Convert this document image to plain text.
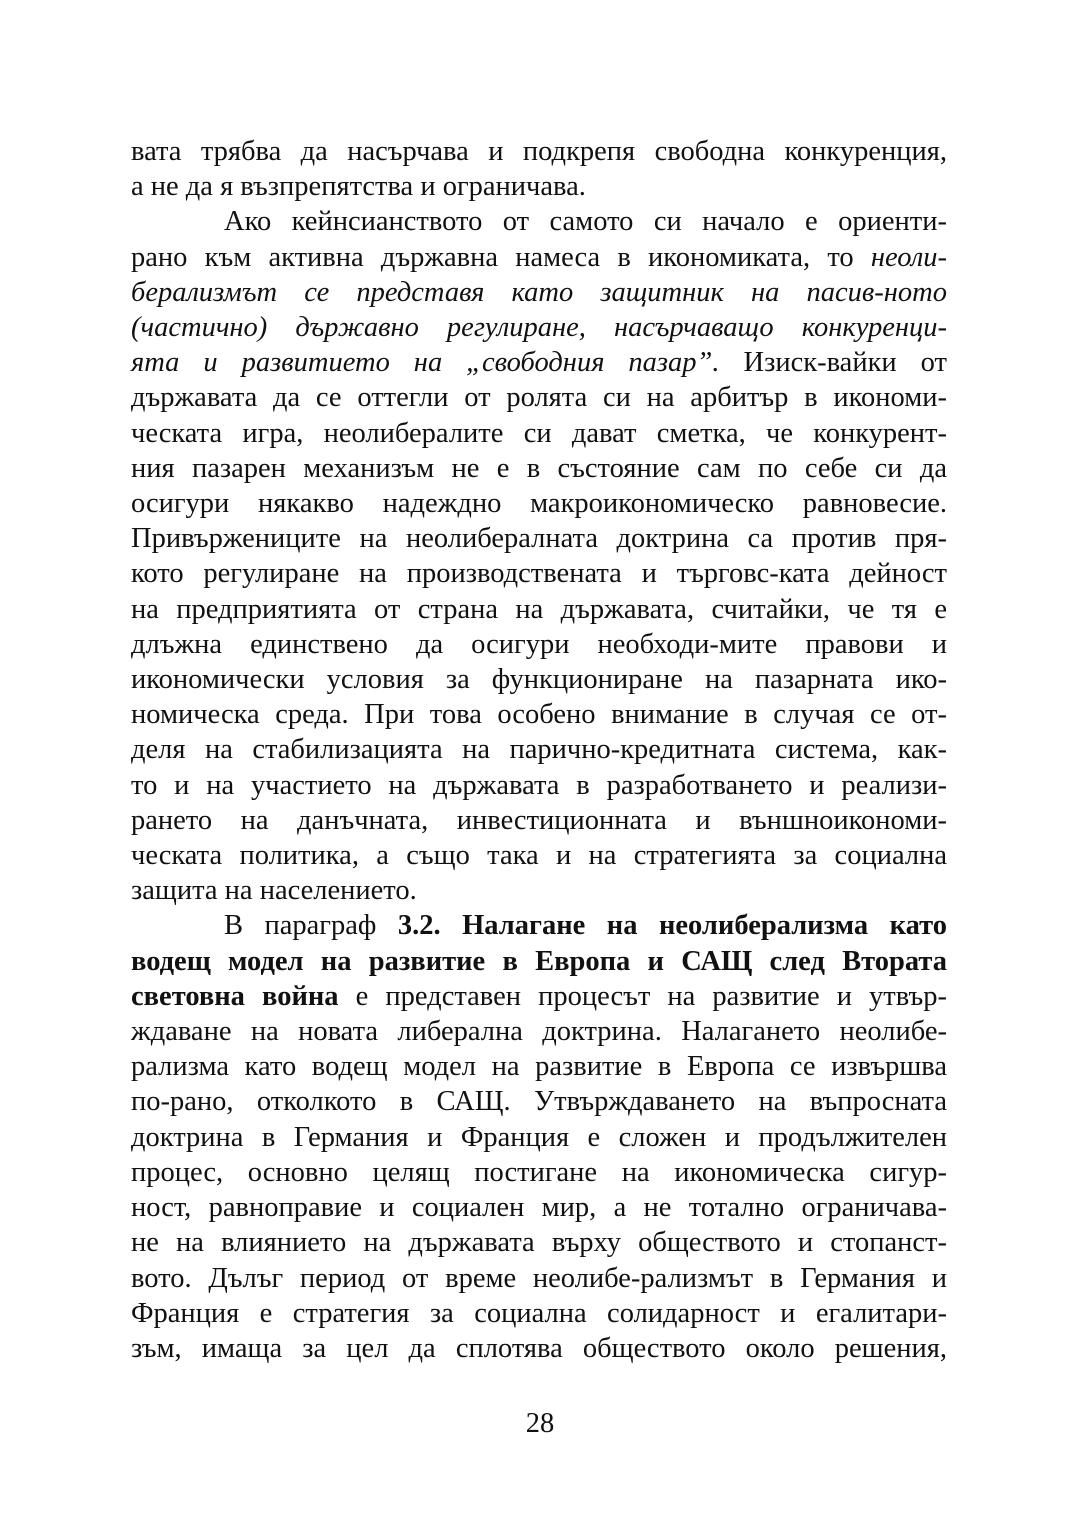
вата трябва да насърчава и подкрепя свободна конкуренция,
а не да я възпрепятства и ограничава.
Ако кейнсианството от самото си начало е ориенти-
рано към активна държавна намеса в икономиката, то неоли-
берализмът се представя като защитник на пасив-ното
(частично) държавно регулиране, насърчаващо конкуренци-
ята и развитието на „свободния пазар”. Изиск-вайки от
държавата да се оттегли от ролята си на арбитър в икономи-
ческата игра, неолибералите си дават сметка, че конкурент-
ния пазарен механизъм не е в състояние сам по себе си да
осигури някакво надеждно макроикономическо равновесие.
Привържениците на неолибералната доктрина са против пря-
кото регулиране на производствената и търговс-ката дейност
на предприятията от страна на държавата, считайки, че тя е
длъжна единствено да осигури необходи-мите правови и
икономически условия за функциониране на пазарната ико-
номическа среда. При това особено внимание в случая се от-
деля на стабилизацията на парично-кредитната система, как-
то и на участието на държавата в разработването и реализи-
рането на данъчната, инвестиционната и външноикономи-
ческата политика, а също така и на стратегията за социална
защита на населението.
В параграф 3.2. Налагане на неолиберализма като
водещ модел на развитие в Европа и САЩ след Втората
световна война е представен процесът на развитие и утвър-
ждаване на новата либерална доктрина. Налагането неолибе-
рализма като водещ модел на развитие в Европа се извършва
по-рано, отколкото в САЩ. Утвърждаването на въпросната
доктрина в Германия и Франция е сложен и продължителен
процес, основно целящ постигане на икономическа сигур-
ност, равноправие и социален мир, а не тотално ограничава-
не на влиянието на държавата върху обществото и стопанст-
вото. Дълъг период от време неолибе-рализмът в Германия и
Франция е стратегия за социална солидарност и егалитари-
зъм, имаща за цел да сплотява обществото около решения,
28
